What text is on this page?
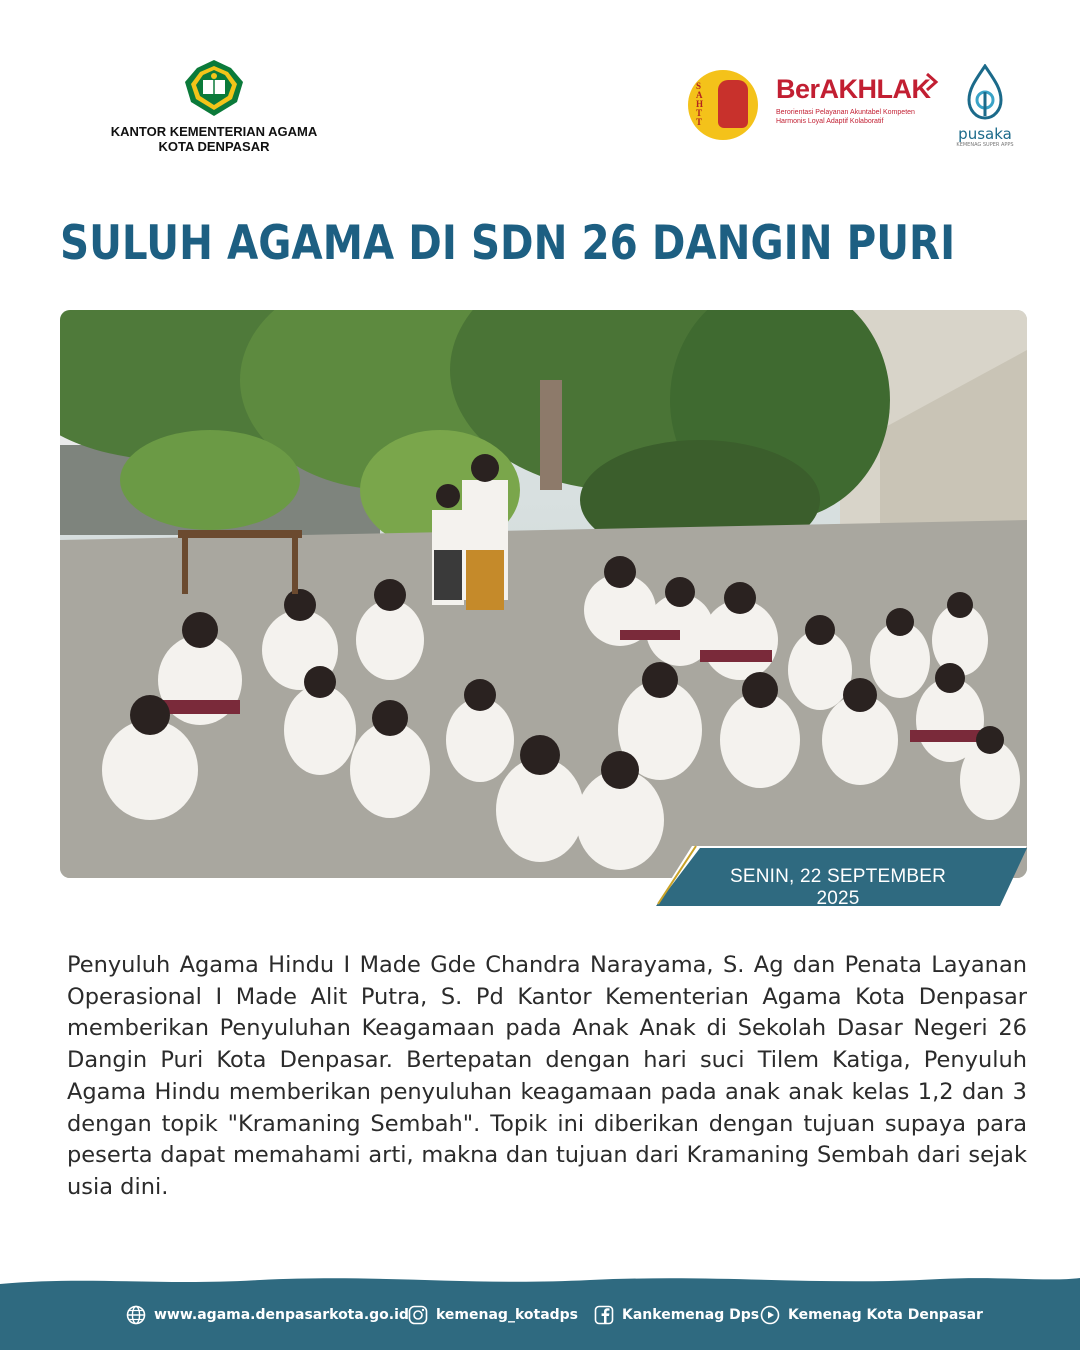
KANTOR KEMENTERIAN AGAMA
KOTA DENPASAR
S
A
H
T
T
BerAKHLAK
Berorientasi Pelayanan Akuntabel Kompeten
Harmonis Loyal Adaptif Kolaboratif
pusaka
KEMENAG SUPER APPS
SULUH AGAMA DI SDN 26 DANGIN PURI
SENIN, 22 SEPTEMBER 2025

Penyuluh Agama Hindu I Made Gde Chandra Narayama, S. Ag dan Penata Layanan Operasional I Made Alit Putra, S. Pd Kantor Kementerian Agama Kota Denpasar memberikan Penyuluhan Keagamaan pada Anak Anak di Sekolah Dasar Negeri 26 Dangin Puri Kota Denpasar. Bertepatan dengan hari suci Tilem Katiga, Penyuluh Agama Hindu memberikan penyuluhan keagamaan pada anak anak kelas 1,2 dan 3 dengan topik "Kramaning Sembah". Topik ini diberikan dengan tujuan supaya para peserta dapat memahami arti, makna dan tujuan dari Kramaning Sembah dari sejak usia dini.

www.agama.denpasarkota.go.id kemenag_kotadps	Kankemenag Dps Kemenag Kota Denpasar
